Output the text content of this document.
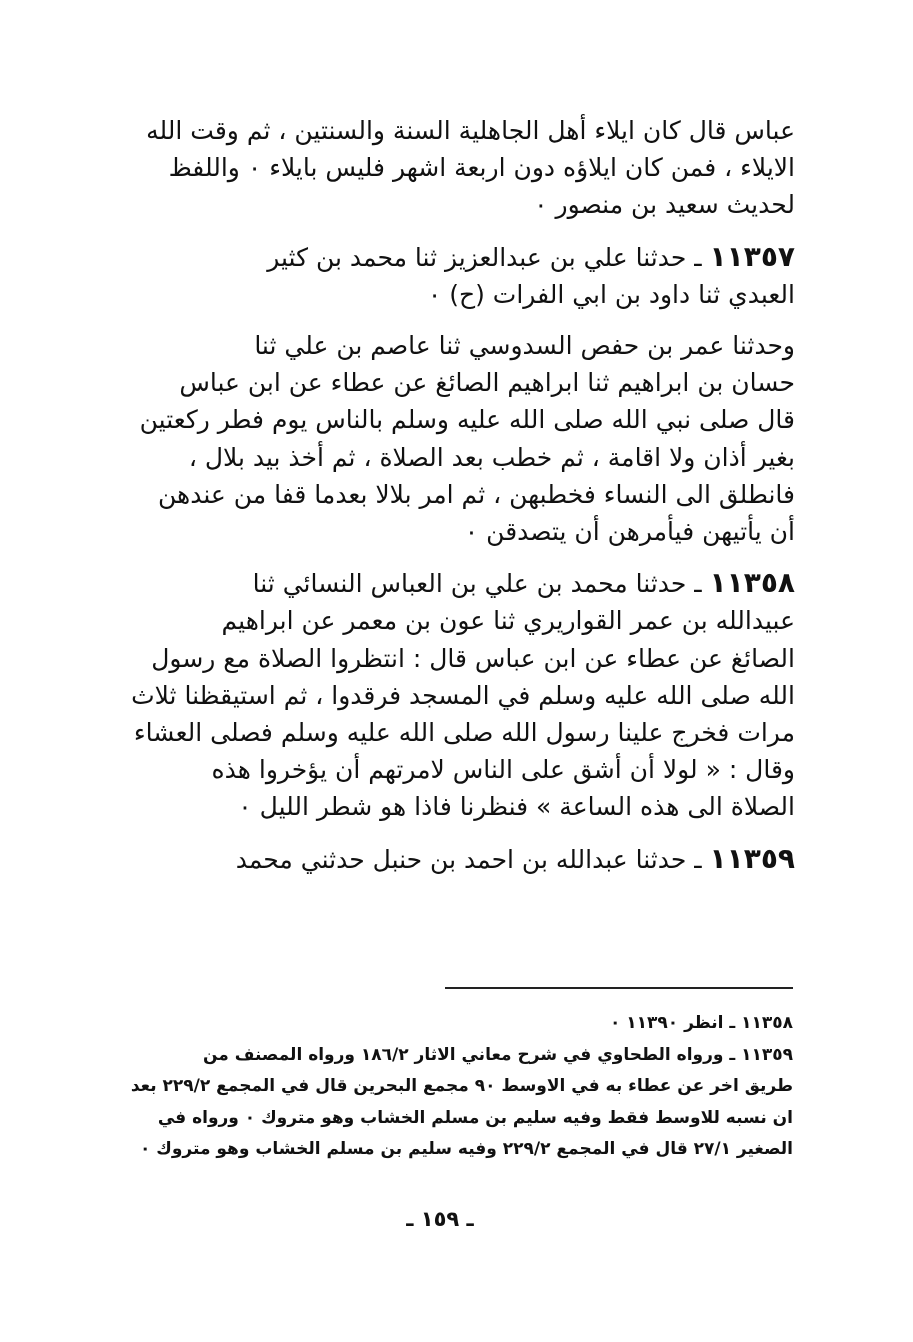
عباس قال كان ايلاء أهل الجاهلية السنة والسنتين ، ثم وقت الله
الايلاء ، فمن كان ايلاؤه دون اربعة اشهر فليس بايلاء ٠ واللفظ
لحديث سعيد بن منصور ٠

١١٣٥٧ ـ حدثنا علي بن عبدالعزيز ثنا محمد بن كثير
العبدي ثنا داود بن ابي الفرات (ح) ٠

وحدثنا عمر بن حفص السدوسي ثنا عاصم بن علي ثنا
حسان بن ابراهيم ثنا ابراهيم الصائغ عن عطاء عن ابن عباس
قال صلى نبي الله صلى الله عليه وسلم بالناس يوم فطر ركعتين
بغير أذان ولا اقامة ، ثم خطب بعد الصلاة ، ثم أخذ بيد بلال ،
فانطلق الى النساء فخطبهن ، ثم امر بلالا بعدما قفا من عندهن
أن يأتيهن فيأمرهن أن يتصدقن ٠

١١٣٥٨ ـ حدثنا محمد بن علي بن العباس النسائي ثنا
عبيدالله بن عمر القواريري ثنا عون بن معمر عن ابراهيم
الصائغ عن عطاء عن ابن عباس قال : انتظروا الصلاة مع رسول
الله صلى الله عليه وسلم في المسجد فرقدوا ، ثم استيقظنا ثلاث
مرات فخرج علينا رسول الله صلى الله عليه وسلم فصلى العشاء
وقال : « لولا أن أشق على الناس لامرتهم أن يؤخروا هذه
الصلاة الى هذه الساعة » فنظرنا فاذا هو شطر الليل ٠

١١٣٥٩ ـ حدثنا عبدالله بن احمد بن حنبل حدثني محمد

١١٣٥٨ ـ انظر ١١٣٩٠ ٠
١١٣٥٩ ـ ورواه الطحاوي في شرح معاني الاثار ١٨٦/٢ ورواه المصنف من
طريق اخر عن عطاء به في الاوسط ٩٠ مجمع البحرين قال في المجمع ٢٢٩/٢ بعد
ان نسبه للاوسط فقط وفيه سليم بن مسلم الخشاب وهو متروك ٠ ورواه في
الصغير ٢٧/١ قال في المجمع ٢٢٩/٢ وفيه سليم بن مسلم الخشاب وهو متروك ٠
ـ ١٥٩ ـ
